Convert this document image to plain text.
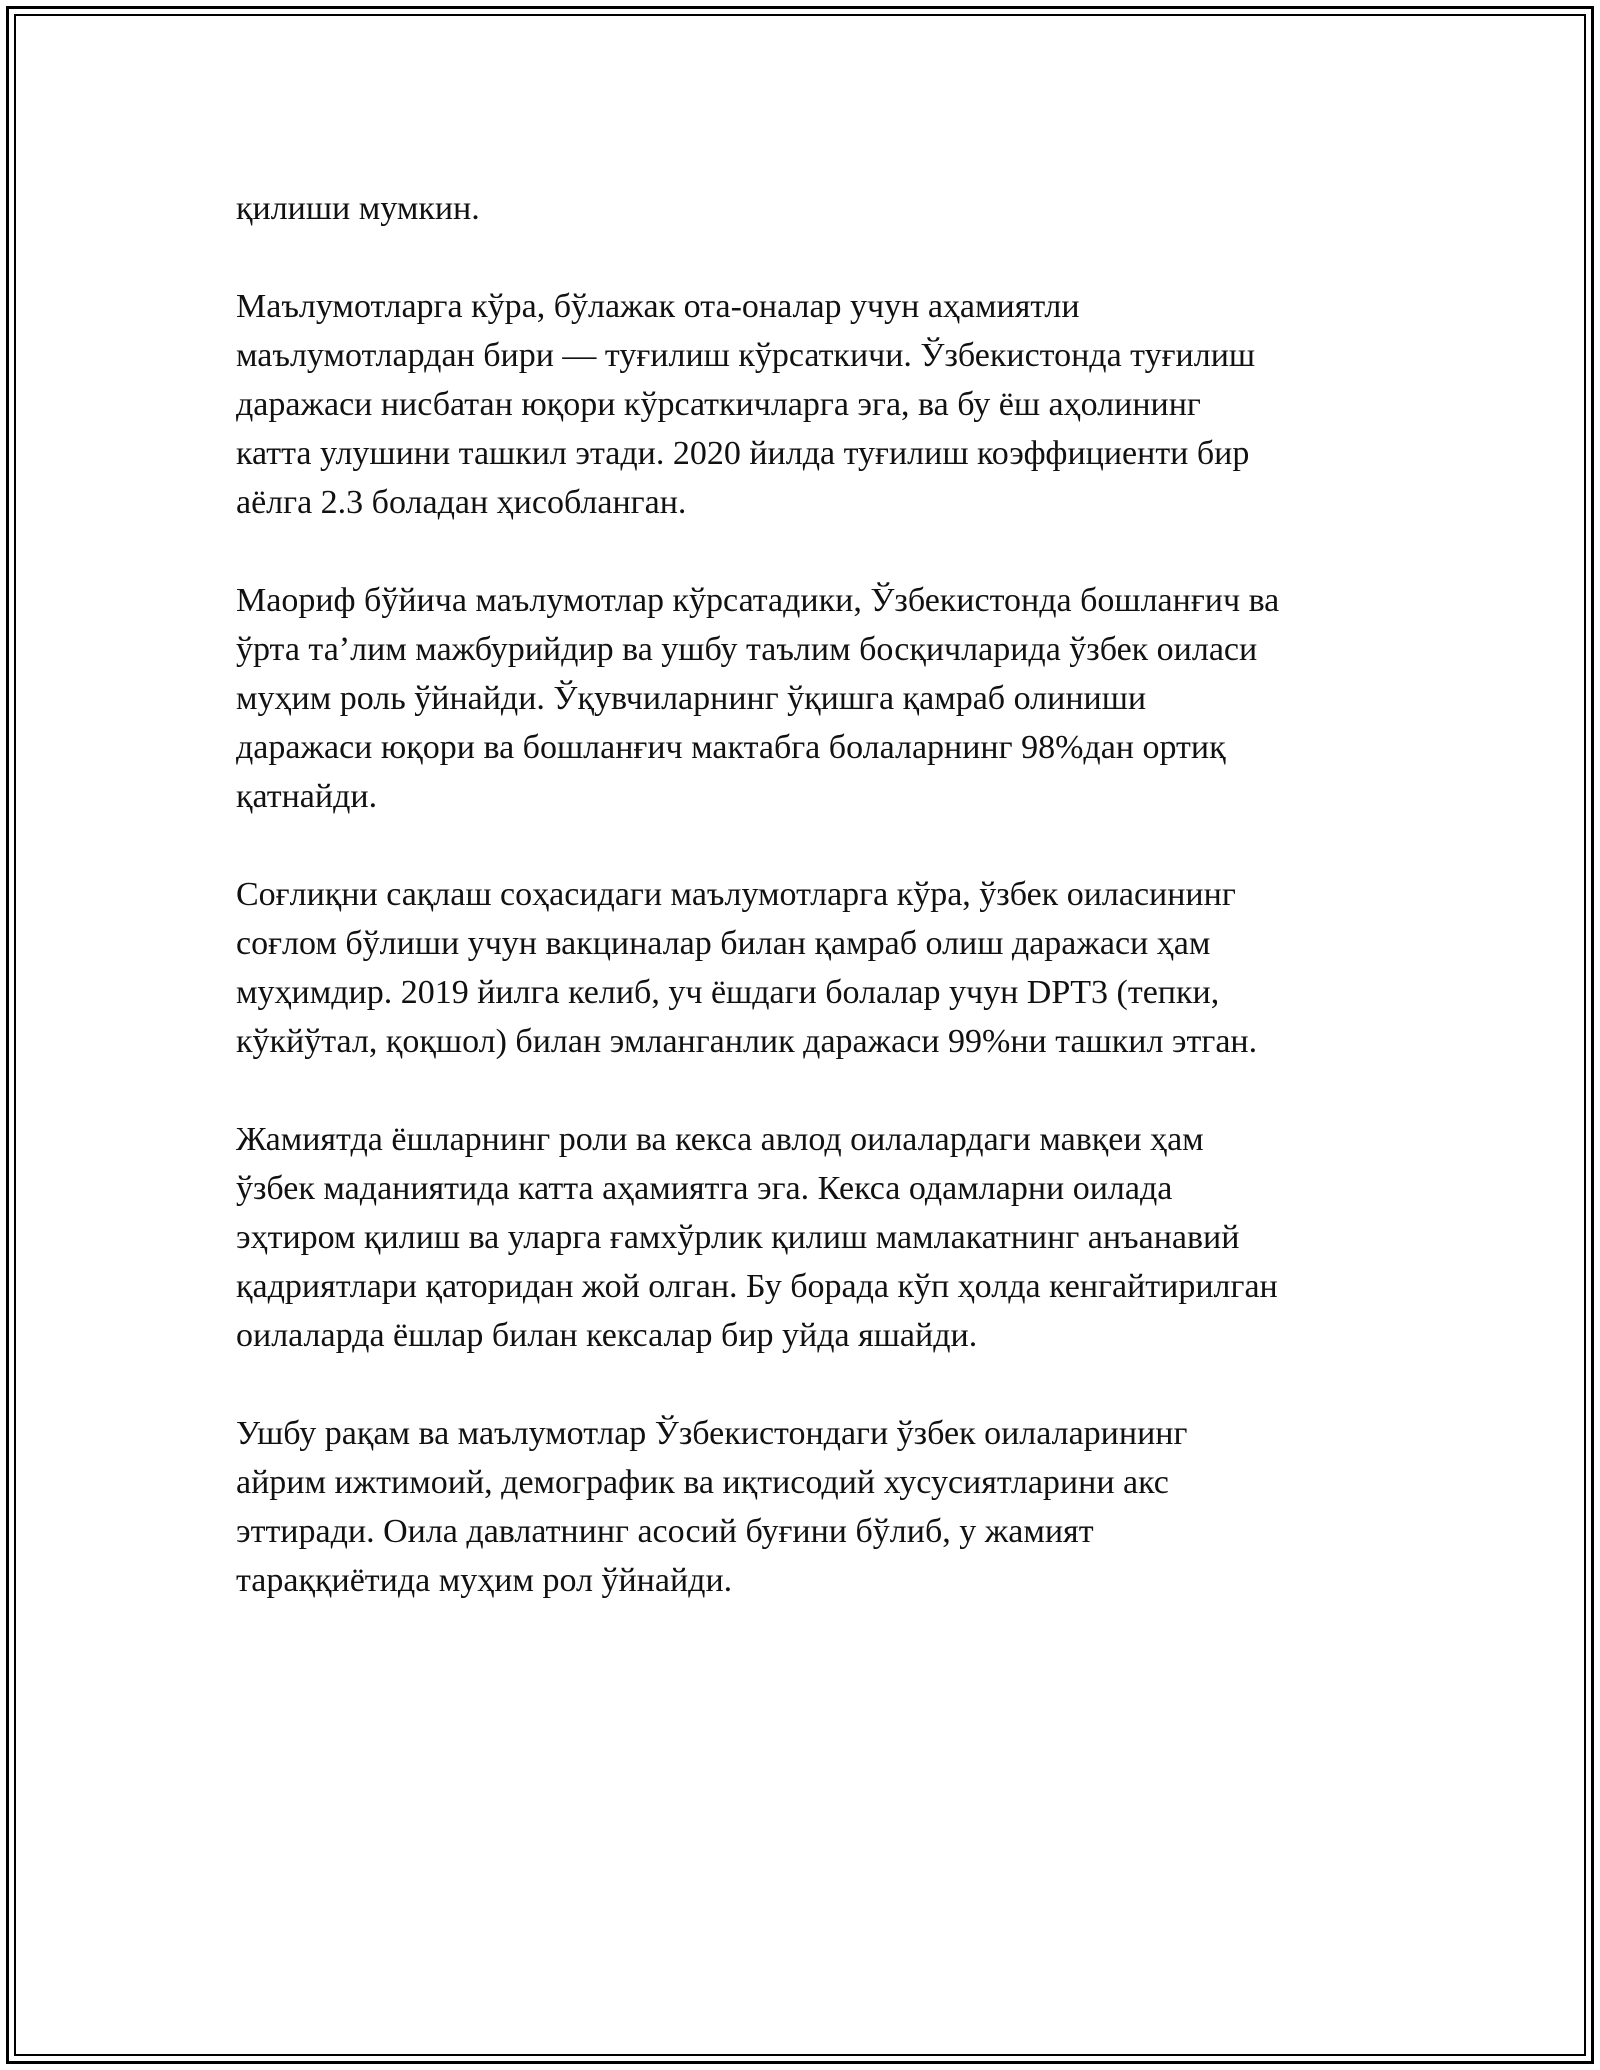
қилиши мумкин.
Маълумотларга кўра, бўлажак ота-оналар учун аҳамиятли
маълумотлардан бири — туғилиш кўрсаткичи. Ўзбекистонда туғилиш
даражаси нисбатан юқори кўрсаткичларга эга, ва бу ёш аҳолининг
катта улушини ташкил этади. 2020 йилда туғилиш коэффициенти бир
аёлга 2.3 боладан ҳисобланган.
Маориф бўйича маълумотлар кўрсатадики, Ўзбекистонда бошланғич ва
ўрта таʼлим мажбурийдир ва ушбу таълим босқичларида ўзбек оиласи
муҳим роль ўйнайди. Ўқувчиларнинг ўқишга қамраб олиниши
даражаси юқори ва бошланғич мактабга болаларнинг 98%дан ортиқ
қатнайди.
Соғлиқни сақлаш соҳасидаги маълумотларга кўра, ўзбек оиласининг
соғлом бўлиши учун вакциналар билан қамраб олиш даражаси ҳам
муҳимдир. 2019 йилга келиб, уч ёшдаги болалар учун DPT3 (тепки,
кўкйўтал, қоқшол) билан эмланганлик даражаси 99%ни ташкил этган.
Жамиятда ёшларнинг роли ва кекса авлод оилалардаги мавқеи ҳам
ўзбек маданиятида катта аҳамиятга эга. Кекса одамларни оилада
эҳтиром қилиш ва уларга ғамхўрлик қилиш мамлакатнинг анъанавий
қадриятлари қаторидан жой олган. Бу борада кўп ҳолда кенгайтирилган
оилаларда ёшлар билан кексалар бир уйда яшайди.
Ушбу рақам ва маълумотлар Ўзбекистондаги ўзбек оилаларининг
айрим ижтимоий, демографик ва иқтисодий хусусиятларини акс
эттиради. Оила давлатнинг асосий буғини бўлиб, у жамият
тараққиётида муҳим рол ўйнайди.
